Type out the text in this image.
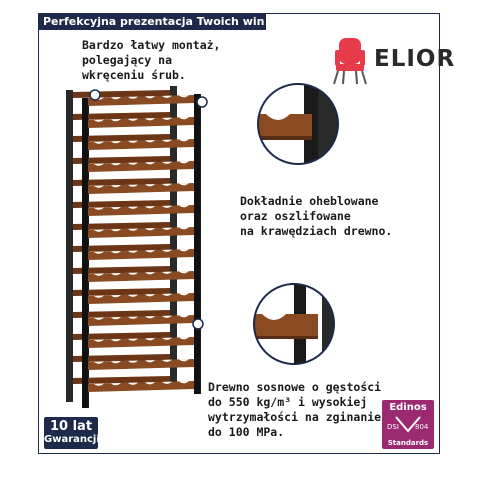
Perfekcyjna prezentacja Twoich win!
ELIOR
Bardzo łatwy montaż,
polegający na
wkręceniu śrub.
Dokładnie oheblowane
oraz oszlifowane
na krawędziach drewno.
Drewno sosnowe o gęstości
do 550 kg/m³ i wysokiej
wytrzymałości na zginanie
do 100 MPa.
10 lat
Gwarancji
Edinos
DSI 804
Standards
